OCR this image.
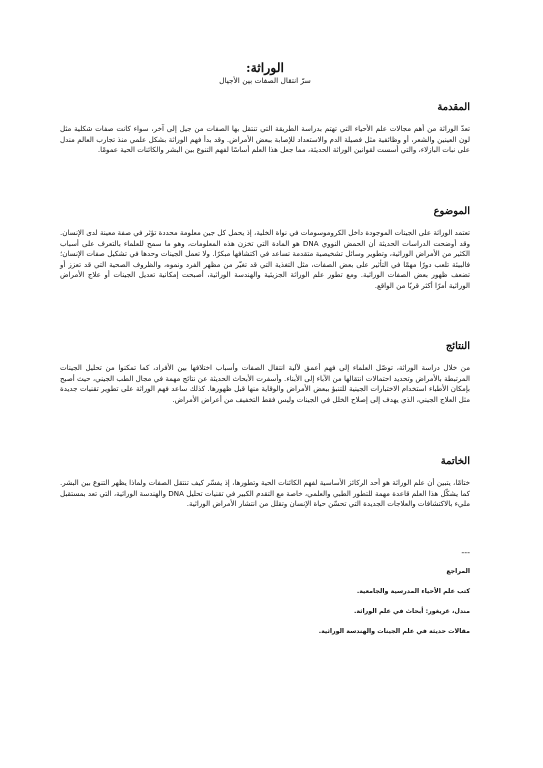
الوراثة:

سرّ انتقال الصفات بين الأجيال

المقدمة

تعدّ الوراثة من أهم مجالات علم الأحياء التي تهتم بدراسة الطريقة التي تنتقل بها الصفات من جيل إلى آخر، سواء كانت صفات شكلية مثل لون العينين والشعر، أو وظائفية مثل فصيلة الدم والاستعداد للإصابة ببعض الأمراض. وقد بدأ فهم الوراثة بشكل علمي منذ تجارب العالم مندل على نبات البازلاء، والتي أسست لقوانين الوراثة الحديثة، مما جعل هذا العلم أساسًا لفهم التنوع بين البشر والكائنات الحية عمومًا.

الموضوع

تعتمد الوراثة على الجينات الموجودة داخل الكروموسومات في نواة الخلية، إذ يحمل كل جين معلومة محددة تؤثر في صفة معينة لدى الإنسان. وقد أوضحت الدراسات الحديثة أن الحمض النووي DNA هو المادة التي تخزن هذه المعلومات، وهو ما سمح للعلماء بالتعرف على أسباب الكثير من الأمراض الوراثية، وتطوير وسائل تشخيصية متقدمة تساعد في اكتشافها مبكرًا. ولا تعمل الجينات وحدها في تشكيل صفات الإنسان؛ فالبيئة تلعب دورًا مهمًا في التأثير على بعض الصفات، مثل التغذية التي قد تغيّر من مظهر الفرد ونموه، والظروف الصحية التي قد تعزز أو تضعف ظهور بعض الصفات الوراثية. ومع تطور علم الوراثة الجزيئية والهندسة الوراثية، أصبحت إمكانية تعديل الجينات أو علاج الأمراض الوراثية أمرًا أكثر قربًا من الواقع.

النتائج

من خلال دراسة الوراثة، توصّل العلماء إلى فهم أعمق لآلية انتقال الصفات وأسباب اختلافها بين الأفراد، كما تمكنوا من تحليل الجينات المرتبطة بالأمراض وتحديد احتمالات انتقالها من الآباء إلى الأبناء. وأسفرت الأبحاث الحديثة عن نتائج مهمة في مجال الطب الجيني، حيث أصبح بإمكان الأطباء استخدام الاختبارات الجينية للتنبؤ ببعض الأمراض والوقاية منها قبل ظهورها. كذلك ساعد فهم الوراثة على تطوير تقنيات جديدة مثل العلاج الجيني، الذي يهدف إلى إصلاح الخلل في الجينات وليس فقط التخفيف من أعراض الأمراض.

الخاتمة

ختامًا، يتبين أن علم الوراثة هو أحد الركائز الأساسية لفهم الكائنات الحية وتطورها، إذ يفسّر كيف تنتقل الصفات ولماذا يظهر التنوع بين البشر. كما يشكّل هذا العلم قاعدة مهمة للتطور الطبي والعلمي، خاصة مع التقدم الكبير في تقنيات تحليل DNA والهندسة الوراثية، التي تعد بمستقبل مليء بالاكتشافات والعلاجات الجديدة التي تحسّن حياة الإنسان وتقلل من انتشار الأمراض الوراثية.

---
المراجع
كتب علم الأحياء المدرسية والجامعية.
مندل، غريغور: أبحاث في علم الوراثة.
مقالات حديثة في علم الجينات والهندسة الوراثية.
